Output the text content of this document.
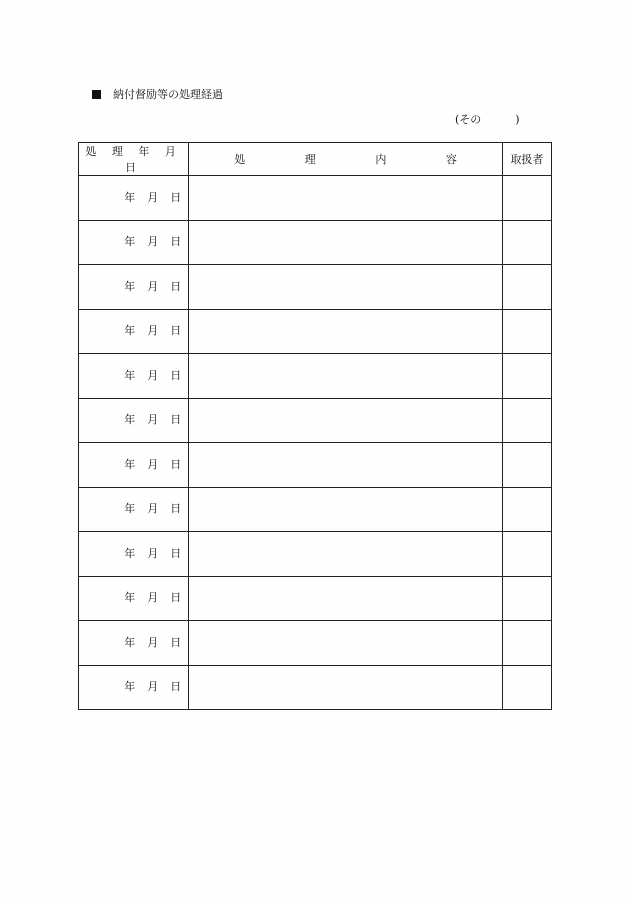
納付督励等の処理経過
(その	)
処 理 年 月 日	処 理 内 容	取扱者

年 月 日		

年 月 日		

年 月 日		

年 月 日		

年 月 日		

年 月 日		

年 月 日		

年 月 日		

年 月 日		

年 月 日		

年 月 日		

年 月 日		
